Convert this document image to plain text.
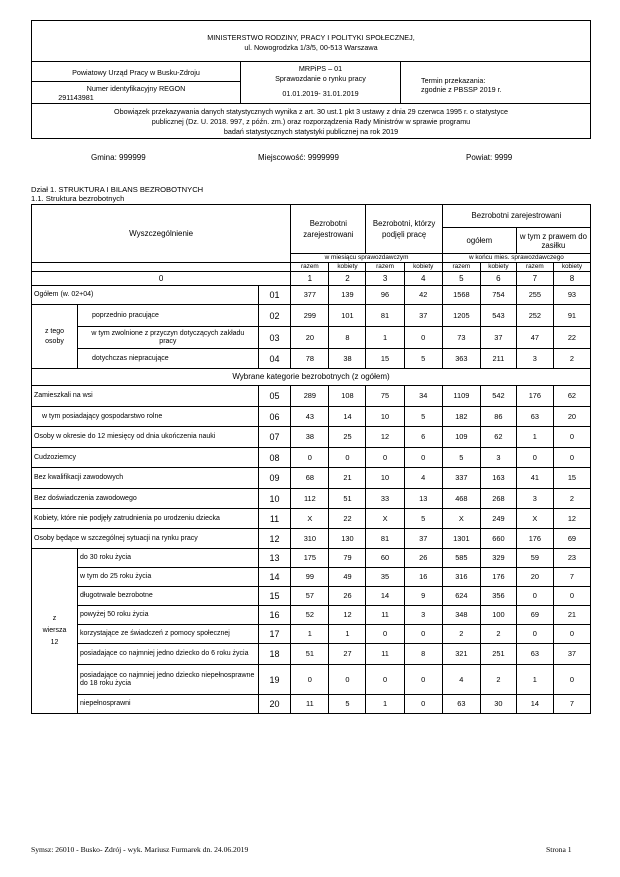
MINISTERSTWO RODZINY, PRACY I POLITYKI SPOŁECZNEJ,
ul. Nowogrodzka 1/3/5, 00-513 Warszawa
Powiatowy Urząd Pracy w Busku-Zdroju
Numer identyfikacyjny REGON
291143981
MRPiPS – 01
Sprawozdanie o rynku pracy
01.01.2019- 31.01.2019
Termin przekazania:
zgodnie z PBSSP 2019 r.
Obowiązek przekazywania danych statystycznych wynika z art. 30 ust.1 pkt 3 ustawy z dnia 29 czerwca 1995 r. o statystyce
publicznej (Dz. U. 2018. 997, z późn. zm.) oraz rozporządzenia Rady Ministrów w sprawie programu
badań statystycznych statystyki publicznej na rok 2019
Gmina: 999999	Miejscowość: 9999999	Powiat: 9999
Dział 1. STRUKTURA I BILANS BEZROBOTNYCH
1.1. Struktura bezrobotnych
Wyszczególnienie			Bezrobotni zarejestrowani		Bezrobotni, którzy podjęli pracę		Bezrobotni zarejestrowani			
							ogółem		w tym z prawem do zasiłku	
			w miesiącu sprawozdawczym				w końcu mies. sprawozdawczego			
			razem	kobiety	razem	kobiety	razem	kobiety	razem	kobiety
0			1	2	3	4	5	6	7	8
Ogółem (w. 02+04)		01	377	139	96	42	1568	754	255	93
z tego
osoby	poprzednio pracujące	02	299	101	81	37	1205	543	252	91
	w tym zwolnione z przyczyn dotyczących zakładu pracy	03	20	8	1	0	73	37	47	22
	dotychczas niepracujące	04	78	38	15	5	363	211	3	2
Wybrane kategorie bezrobotnych (z ogółem)										
Zamieszkali na wsi		05	289	108	75	34	1109	542	176	62
w tym posiadający gospodarstwo rolne		06	43	14	10	5	182	86	63	20
Osoby w okresie do 12 miesięcy od dnia ukończenia nauki		07	38	25	12	6	109	62	1	0
Cudzoziemcy		08	0	0	0	0	5	3	0	0
Bez kwalifikacji zawodowych		09	68	21	10	4	337	163	41	15
Bez doświadczenia zawodowego		10	112	51	33	13	468	268	3	2
Kobiety, które nie podjęły zatrudnienia po urodzeniu dziecka		11	X	22	X	5	X	249	X	12
Osoby będące w szczególnej sytuacji na rynku pracy		12	310	130	81	37	1301	660	176	69

z
wiersza
12	do 30 roku życia	13	175	79	60	26	585	329	59	23
	w tym do 25 roku życia	14	99	49	35	16	316	176	20	7
	długotrwale bezrobotne	15	57	26	14	9	624	356	0	0
	powyżej 50 roku życia	16	52	12	11	3	348	100	69	21
	korzystające ze świadczeń z pomocy społecznej	17	1	1	0	0	2	2	0	0
	posiadające co najmniej jedno dziecko do 6 roku życia	18	51	27	11	8	321	251	63	37
	posiadające co najmniej jedno dziecko niepełnosprawne do 18 roku życia	19	0	0	0	0	4	2	1	0
	niepełnosprawni	20	11	5	1	0	63	30	14	7
Symsz: 26010 - Busko- Zdrój - wyk. Mariusz Furmarek dn. 24.06.2019	Strona 1
